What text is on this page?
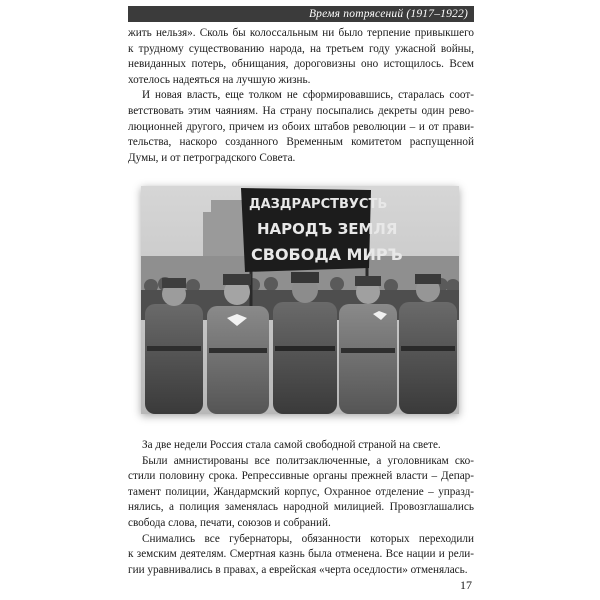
Время потрясений (1917–1922)

жить нельзя». Сколь бы колоссальным ни было терпение привыкшего
к трудному существованию народа, на третьем году ужасной войны,
невиданных потерь, обнищания, дороговизны оно истощилось. Всем
хотелось надеяться на лучшую жизнь.

И новая власть, еще толком не сформировавшись, старалась соот-
ветствовать этим чаяниям. На страну посыпались декреты один рево-
люционней другого, причем из обоих штабов революции – и от прави-
тельства, наскоро созданного Временным комитетом распущенной
Думы, и от петроградского Совета.

ДАЗДРАРСТВУСТЬ
НАРОДЪ ЗЕМЛЯ
СВОБОДА МИРЪ

За две недели Россия стала самой свободной страной на свете.

Были амнистированы все политзаключенные, а уголовникам ско-
стили половину срока. Репрессивные органы прежней власти – Депар-
тамент полиции, Жандармский корпус, Охранное отделение – упразд-
нялись, а полиция заменялась народной милицией. Провозглашались
свобода слова, печати, союзов и собраний.

Снимались все губернаторы, обязанности которых переходили
к земским деятелям. Смертная казнь была отменена. Все нации и рели-
гии уравнивались в правах, а еврейская «черта оседлости» отменялась.

17
